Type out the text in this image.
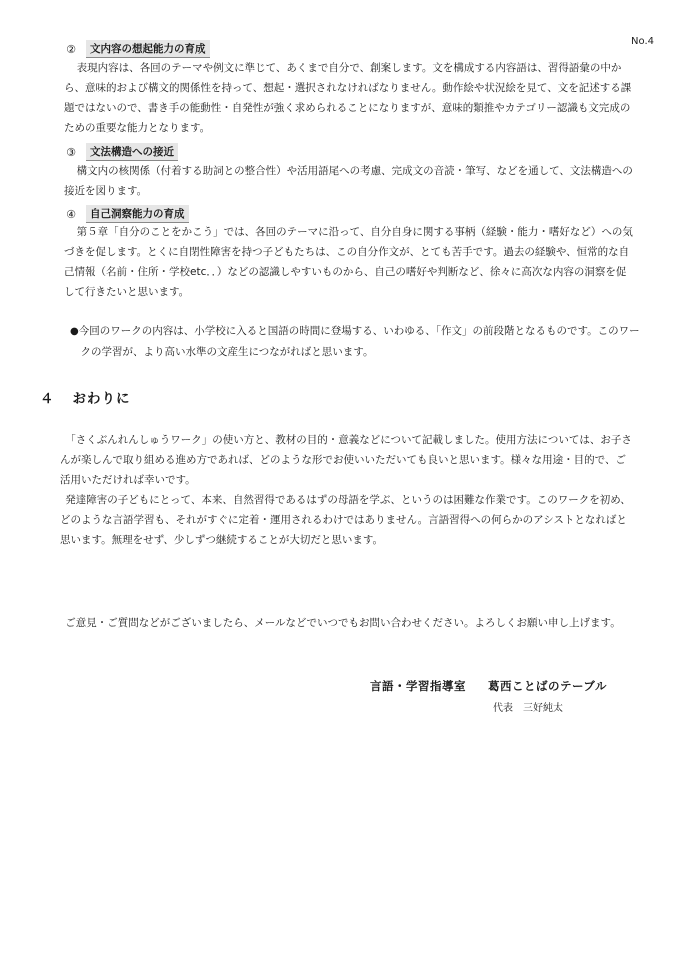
No.4
②	文内容の想起能力の育成

表現内容は、各回のテーマや例文に準じて、あくまで自分で、創案します。文を構成する内容語は、習得語彙の中から、意味的および構文的関係性を持って、想起・選択されなければなりません。動作絵や状況絵を見て、文を記述する課題ではないので、書き手の能動性・自発性が強く求められることになりますが、意味的類推やカテゴリー認識も文完成のための重要な能力となります。

③	文法構造への接近

構文内の核関係（付着する助詞との整合性）や活用語尾への考慮、完成文の音読・筆写、などを通して、文法構造への接近を図ります。

④	自己洞察能力の育成

第５章「自分のことをかこう」では、各回のテーマに沿って、自分自身に関する事柄（経験・能力・嗜好など）への気づきを促します。とくに自閉性障害を持つ子どもたちは、この自分作文が、とても苦手です。過去の経験や、恒常的な自己情報（名前・住所・学校etc．．）などの認識しやすいものから、自己の嗜好や判断など、徐々に高次な内容の洞察を促して行きたいと思います。

●今回のワークの内容は、小学校に入ると国語の時間に登場する、いわゆる、「作文」の前段階となるものです。このワークの学習が、より高い水準の文産生につながればと思います。

４ おわりに

「さくぶんれんしゅうワーク」の使い方と、教材の目的・意義などについて記載しました。使用方法については、お子さんが楽しんで取り組める進め方であれば、どのような形でお使いいただいても良いと思います。様々な用途・目的で、ご活用いただければ幸いです。

発達障害の子どもにとって、本来、自然習得であるはずの母語を学ぶ、というのは困難な作業です。このワークを初め、どのような言語学習も、それがすぐに定着・運用されるわけではありません。言語習得への何らかのアシストとなればと思います。無理をせず、少しずつ継続することが大切だと思います。

ご意見・ご質問などがございましたら、メールなどでいつでもお問い合わせください。よろしくお願い申し上げます。

言語・学習指導室 葛西ことばのテーブル
代表　三好純太
